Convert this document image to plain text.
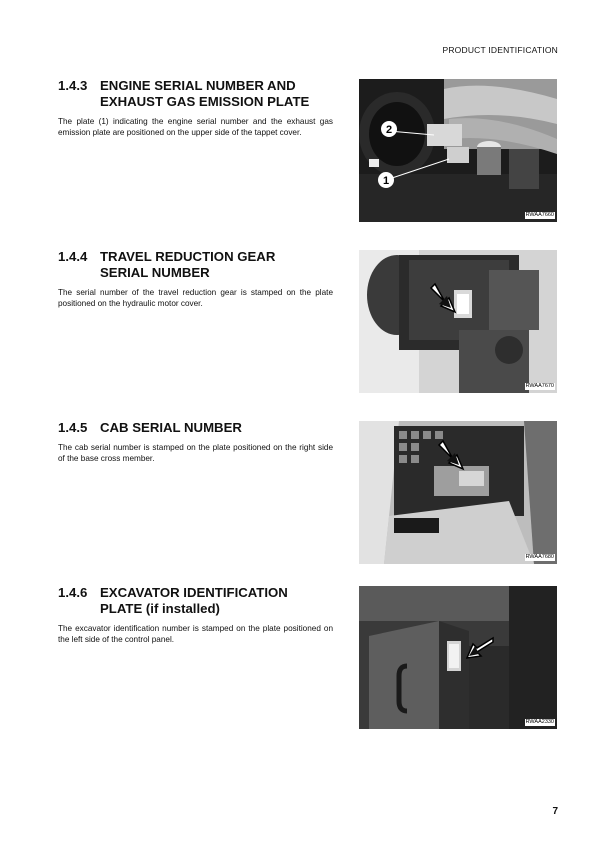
PRODUCT IDENTIFICATION
1.4.3 ENGINE SERIAL NUMBER AND
EXHAUST GAS EMISSION PLATE
The plate (1) indicating the engine serial number and the exhaust gas emission plate are positioned on the upper side of the tappet cover.	2
1
RWAA7660
1.4.4 TRAVEL REDUCTION GEAR
SERIAL NUMBER
The serial number of the travel reduction gear is stamped on the plate positioned on the hydraulic motor cover.
RWAA7670
1.4.5 CAB SERIAL NUMBER
The cab serial number is stamped on the plate positioned on the right side of the base cross member.
RWAA7680
1.4.6 EXCAVATOR IDENTIFICATION
PLATE (if installed)
The excavator identification number is stamped on the plate positioned on the left side of the control panel.
RWAA2330
7
